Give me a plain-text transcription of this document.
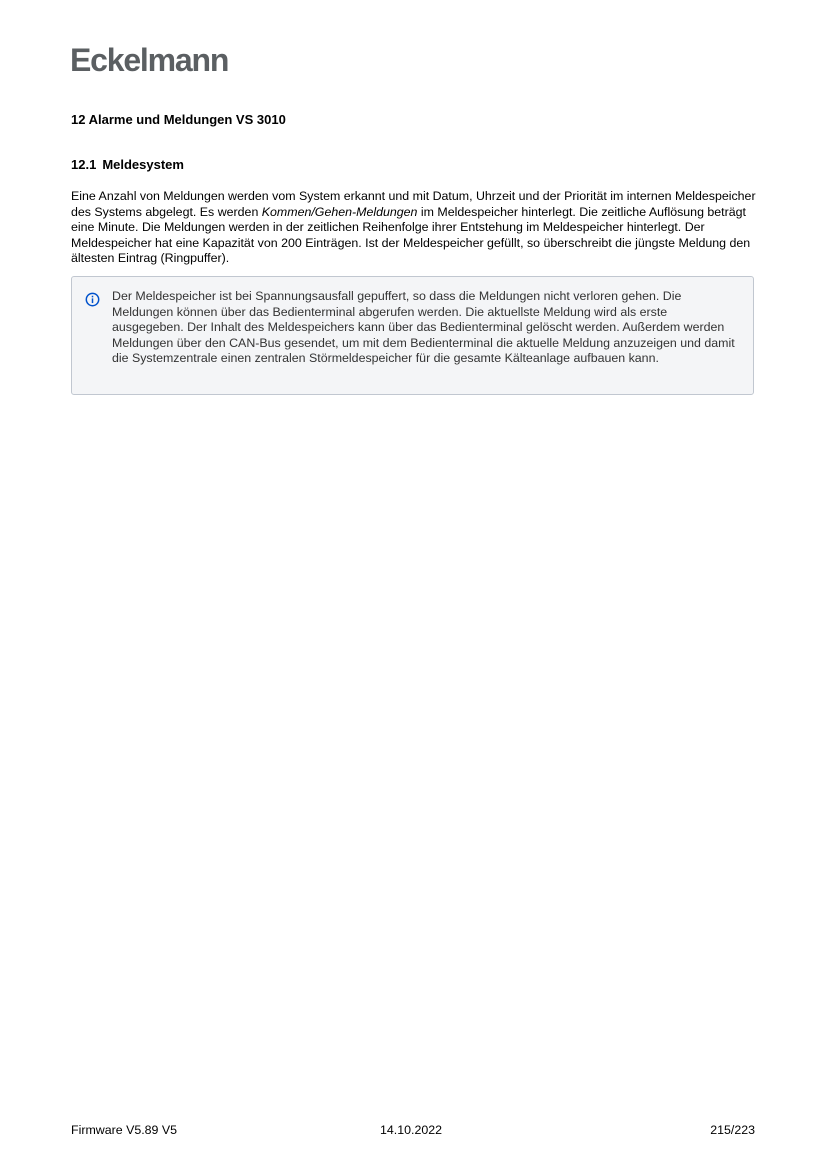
Eckelmann
12 Alarme und Meldungen VS 3010
12.1 Meldesystem

Eine Anzahl von Meldungen werden vom System erkannt und mit Datum, Uhrzeit und der Priorität im internen Meldespeicher des Systems abgelegt. Es werden Kommen/Gehen-Meldungen im Meldespeicher hinterlegt. Die zeitliche Auflösung beträgt eine Minute. Die Meldungen werden in der zeitlichen Reihenfolge ihrer Entstehung im Meldespeicher hinterlegt. Der Meldespeicher hat eine Kapazität von 200 Einträgen. Ist der Meldespeicher gefüllt, so überschreibt die jüngste Meldung den ältesten Eintrag (Ringpuffer).

Der Meldespeicher ist bei Spannungsausfall gepuffert, so dass die Meldungen nicht verloren gehen. Die Meldungen können über das Bedienterminal abgerufen werden. Die aktuellste Meldung wird als erste ausgegeben. Der Inhalt des Meldespeichers kann über das Bedienterminal gelöscht werden. Außerdem werden Meldungen über den CAN-Bus gesendet, um mit dem Bedienterminal die aktuelle Meldung anzuzeigen und damit die Systemzentrale einen zentralen Störmeldespeicher für die gesamte Kälteanlage aufbauen kann.
Firmware V5.89 V5	14.10.2022	215/223
